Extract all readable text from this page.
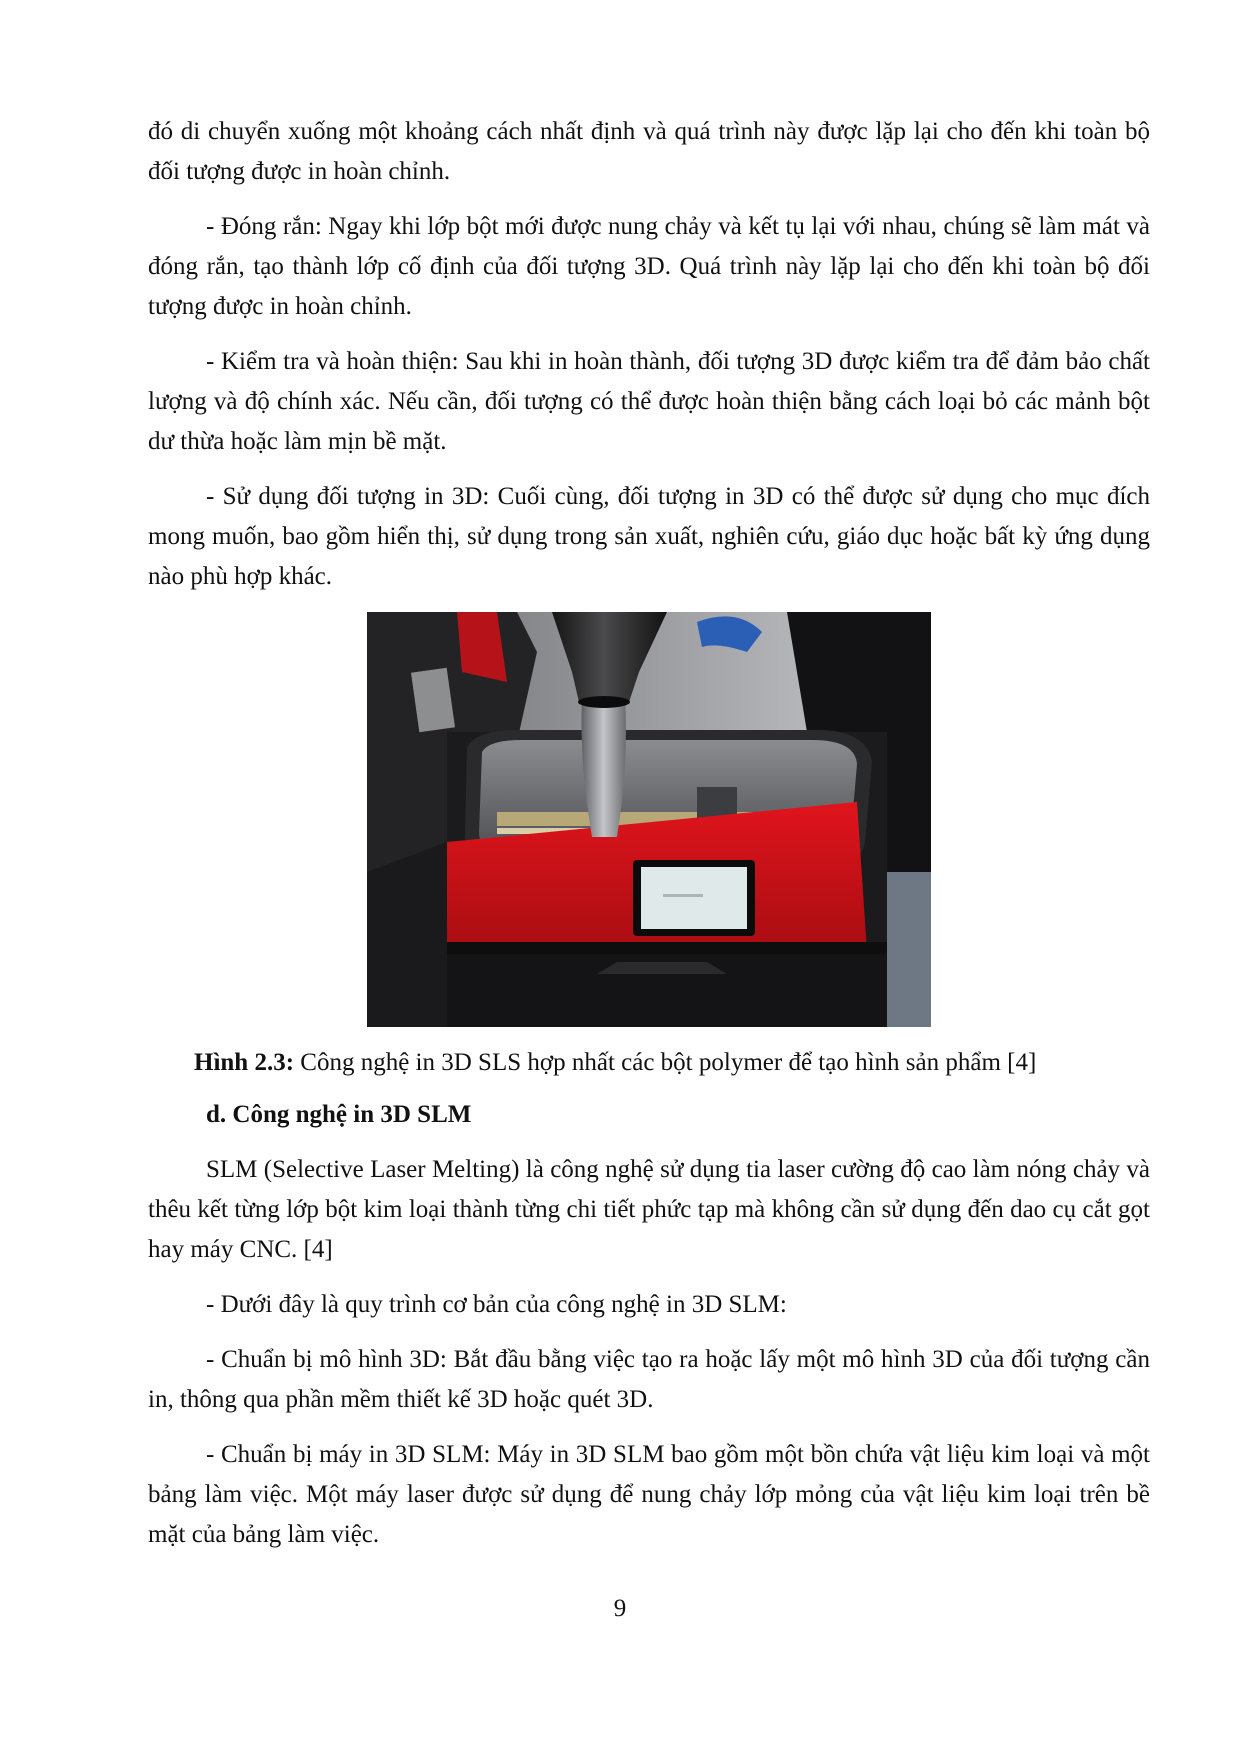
đó di chuyển xuống một khoảng cách nhất định và quá trình này được lặp lại cho đến khi toàn bộ đối tượng được in hoàn chỉnh.

- Đóng rắn: Ngay khi lớp bột mới được nung chảy và kết tụ lại với nhau, chúng sẽ làm mát và đóng rắn, tạo thành lớp cố định của đối tượng 3D. Quá trình này lặp lại cho đến khi toàn bộ đối tượng được in hoàn chỉnh.

- Kiểm tra và hoàn thiện: Sau khi in hoàn thành, đối tượng 3D được kiểm tra để đảm bảo chất lượng và độ chính xác. Nếu cần, đối tượng có thể được hoàn thiện bằng cách loại bỏ các mảnh bột dư thừa hoặc làm mịn bề mặt.

- Sử dụng đối tượng in 3D: Cuối cùng, đối tượng in 3D có thể được sử dụng cho mục đích mong muốn, bao gồm hiển thị, sử dụng trong sản xuất, nghiên cứu, giáo dục hoặc bất kỳ ứng dụng nào phù hợp khác.

Hình 2.3: Công nghệ in 3D SLS hợp nhất các bột polymer để tạo hình sản phẩm [4]

d. Công nghệ in 3D SLM

SLM (Selective Laser Melting) là công nghệ sử dụng tia laser cường độ cao làm nóng chảy và thêu kết từng lớp bột kim loại thành từng chi tiết phức tạp mà không cần sử dụng đến dao cụ cắt gọt hay máy CNC. [4]

- Dưới đây là quy trình cơ bản của công nghệ in 3D SLM:

- Chuẩn bị mô hình 3D: Bắt đầu bằng việc tạo ra hoặc lấy một mô hình 3D của đối tượng cần in, thông qua phần mềm thiết kế 3D hoặc quét 3D.

- Chuẩn bị máy in 3D SLM: Máy in 3D SLM bao gồm một bồn chứa vật liệu kim loại và một bảng làm việc. Một máy laser được sử dụng để nung chảy lớp mỏng của vật liệu kim loại trên bề mặt của bảng làm việc.

9
